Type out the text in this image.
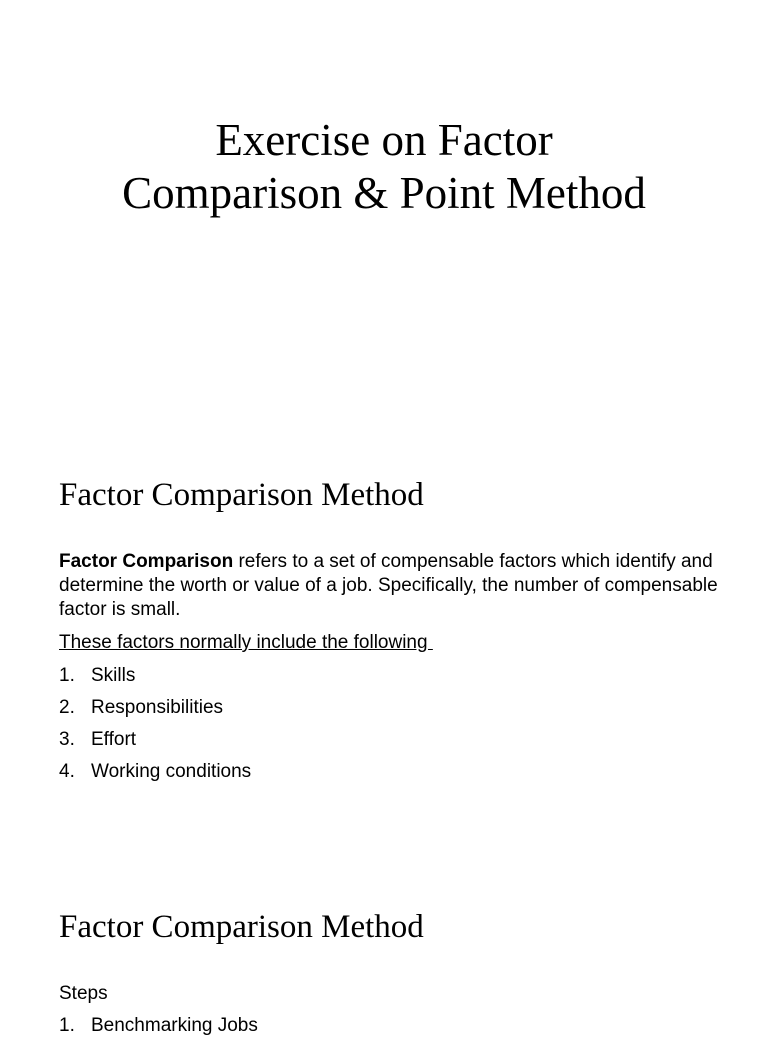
Exercise on Factor
Comparison & Point Method
Factor Comparison Method

Factor Comparison refers to a set of compensable factors which identify and determine the worth or value of a job. Specifically, the number of compensable factor is small.

These factors normally include the following

1. Skills
2. Responsibilities
3. Effort
4. Working conditions
Factor Comparison Method

Steps

1. Benchmarking Jobs
